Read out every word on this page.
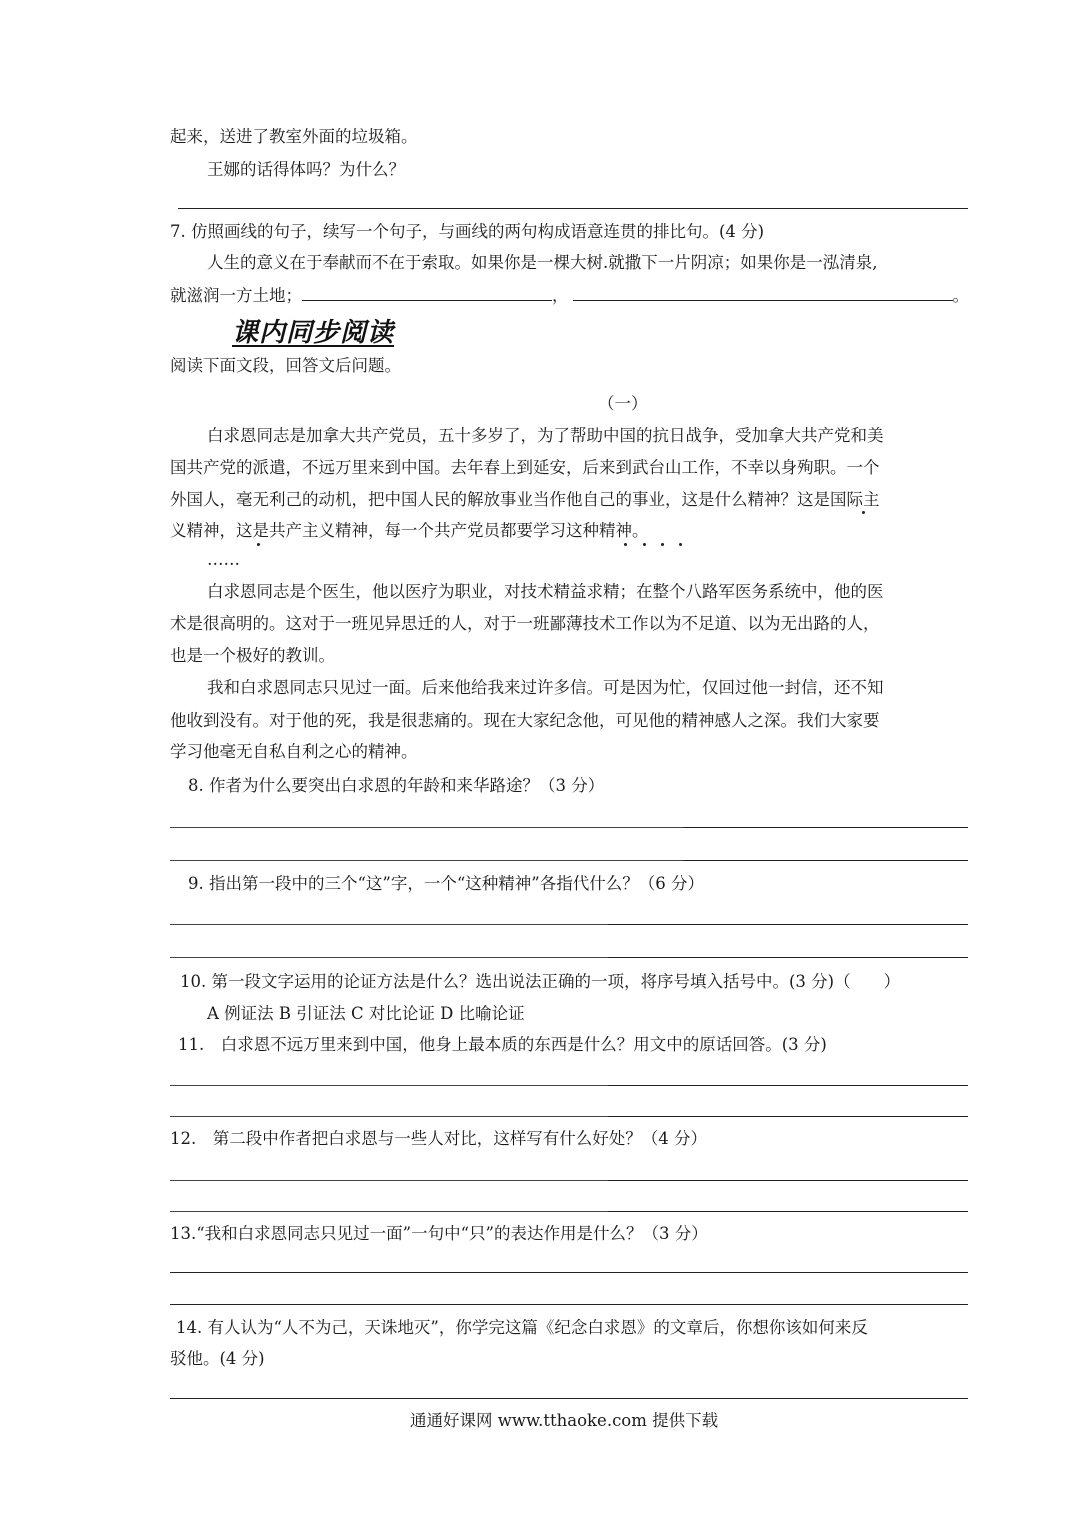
起来，送进了教室外面的垃圾箱。
王娜的话得体吗？为什么？
7. 仿照画线的句子，续写一个句子，与画线的两句构成语意连贯的排比句。(4 分)
人生的意义在于奉献而不在于索取。如果你是一棵大树.就撒下一片阴凉；如果你是一泓清泉,
就滋润一方土地；	，	。
课内同步阅读
阅读下面文段，回答文后问题。
（一）
白求恩同志是加拿大共产党员，五十多岁了，为了帮助中国的抗日战争，受加拿大共产党和美
国共产党的派遣，不远万里来到中国。去年春上到延安，后来到武台山工作，不幸以身殉职。一个
外国人，毫无利己的动机，把中国人民的解放事业当作他自己的事业，这是什么精神？这是国际主
义精神，这是共产主义精神，每一个共产党员都要学习这种精神。
……
白求恩同志是个医生，他以医疗为职业，对技术精益求精；在整个八路军医务系统中，他的医
术是很高明的。这对于一班见异思迁的人，对于一班鄙薄技术工作以为不足道、以为无出路的人，
也是一个极好的教训。
我和白求恩同志只见过一面。后来他给我来过许多信。可是因为忙，仅回过他一封信，还不知
他收到没有。对于他的死，我是很悲痛的。现在大家纪念他，可见他的精神感人之深。我们大家要
学习他毫无自私自利之心的精神。
8. 作者为什么要突出白求恩的年龄和来华路途？（3 分）
9. 指出第一段中的三个“这”字，一个“这种精神”各指代什么？（6 分）
10. 第一段文字运用的论证方法是什么？选出说法正确的一项，将序号填入括号中。(3 分)（　　）
A 例证法 B 引证法 C 对比论证 D 比喻论证
11.　白求恩不远万里来到中国，他身上最本质的东西是什么？用文中的原话回答。(3 分)
12.　第二段中作者把白求恩与一些人对比，这样写有什么好处？（4 分）
13.“我和白求恩同志只见过一面”一句中“只”的表达作用是什么？（3 分）
14. 有人认为“人不为己，天诛地灭”，你学完这篇《纪念白求恩》的文章后，你想你该如何来反
驳他。(4 分)
通通好课网 www.tthaoke.com 提供下载
